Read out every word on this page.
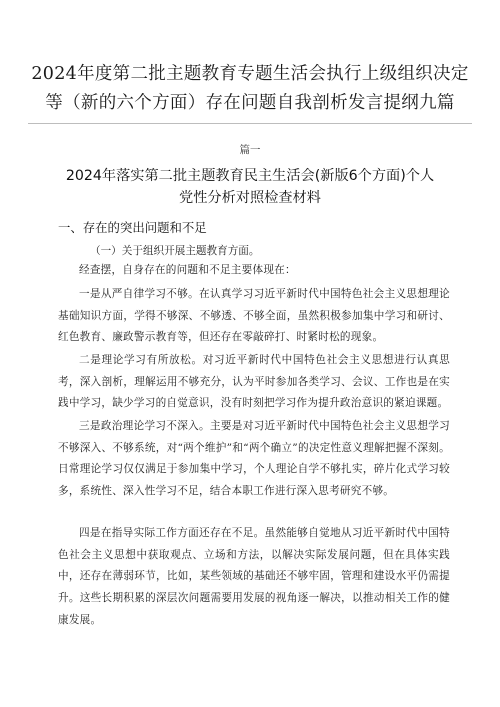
2024年度第二批主题教育专题生活会执行上级组织决定等（新的六个方面）存在问题自我剖析发言提纲九篇
篇一
2024年落实第二批主题教育民主生活会(新版6个方面)个人党性分析对照检查材料
一、存在的突出问题和不足
（一）关于组织开展主题教育方面。

经查摆，自身存在的问题和不足主要体现在：

一是从严自律学习不够。在认真学习习近平新时代中国特色社会主义思想理论基础知识方面，学得不够深、不够透、不够全面，虽然积极参加集中学习和研讨、红色教育、廉政警示教育等，但还存在零敲碎打、时紧时松的现象。

二是理论学习有所放松。对习近平新时代中国特色社会主义思想进行认真思考，深入剖析，理解运用不够充分，认为平时参加各类学习、会议、工作也是在实践中学习，缺少学习的自觉意识，没有时刻把学习作为提升政治意识的紧迫课题。

三是政治理论学习不深入。主要是对习近平新时代中国特色社会主义思想学习不够深入、不够系统，对“两个维护”和“两个确立”的决定性意义理解把握不深刻。日常理论学习仅仅满足于参加集中学习，个人理论自学不够扎实，碎片化式学习较多，系统性、深入性学习不足，结合本职工作进行深入思考研究不够。

四是在指导实际工作方面还存在不足。虽然能够自觉地从习近平新时代中国特色社会主义思想中获取观点、立场和方法，以解决实际发展问题，但在具体实践中，还存在薄弱环节，比如，某些领域的基础还不够牢固，管理和建设水平仍需提升。这些长期积累的深层次问题需要用发展的视角逐一解决，以推动相关工作的健康发展。
